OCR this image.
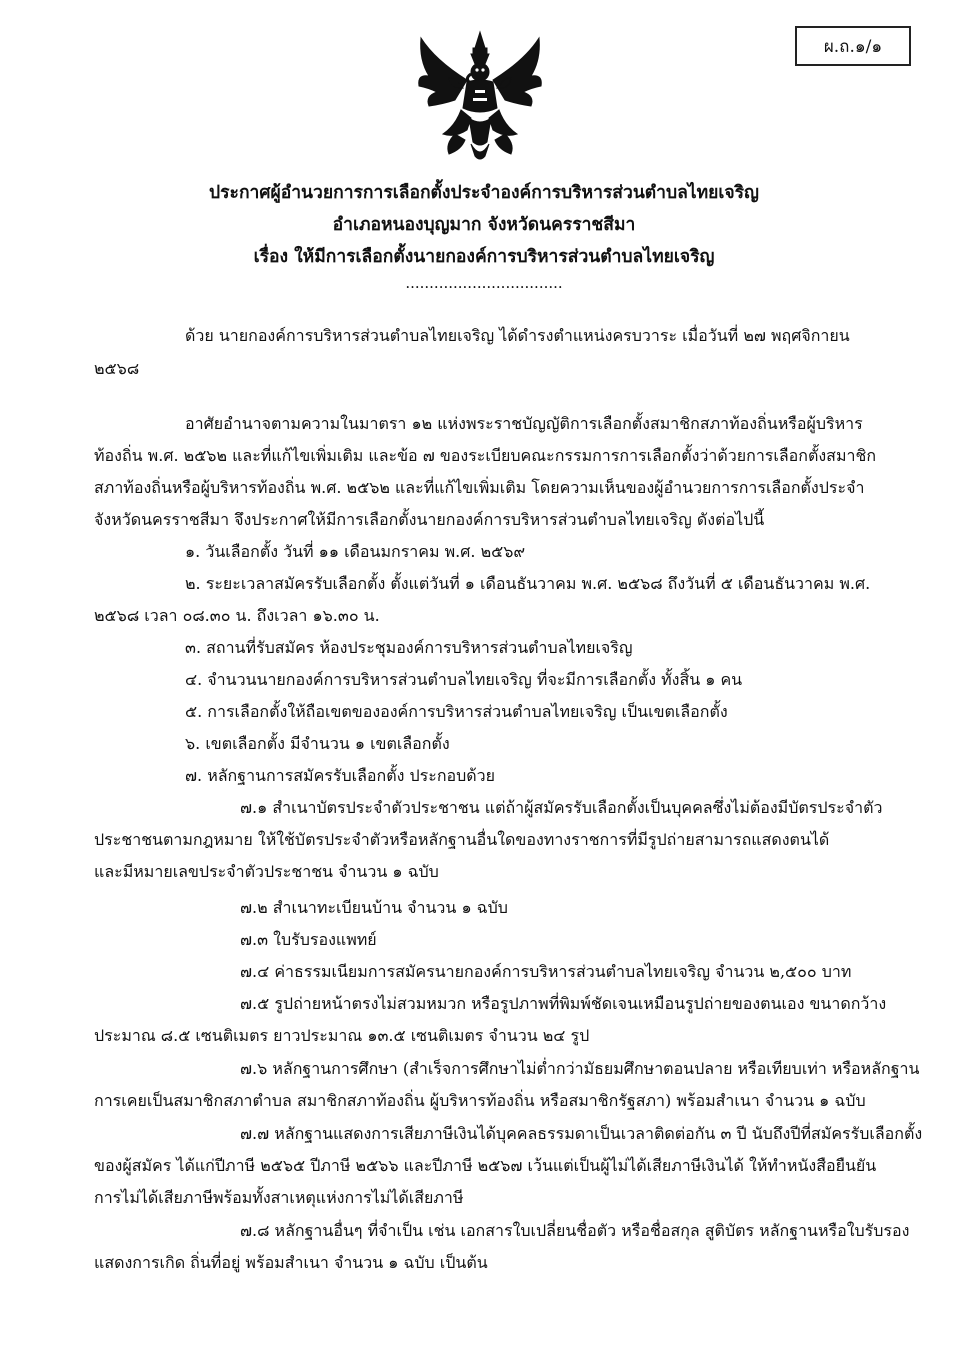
ผ.ถ.๑/๑
ประกาศผู้อำนวยการการเลือกตั้งประจำองค์การบริหารส่วนตำบลไทยเจริญ
อำเภอหนองบุญมาก จังหวัดนครราชสีมา
เรื่อง ให้มีการเลือกตั้งนายกองค์การบริหารส่วนตำบลไทยเจริญ
.................................
ด้วย นายกองค์การบริหารส่วนตำบลไทยเจริญ ได้ดำรงตำแหน่งครบวาระ เมื่อวันที่ ๒๗ พฤศจิกายน
๒๕๖๘
อาศัยอำนาจตามความในมาตรา ๑๒ แห่งพระราชบัญญัติการเลือกตั้งสมาชิกสภาท้องถิ่นหรือผู้บริหาร
ท้องถิ่น พ.ศ. ๒๕๖๒ และที่แก้ไขเพิ่มเติม และข้อ ๗ ของระเบียบคณะกรรมการการเลือกตั้งว่าด้วยการเลือกตั้งสมาชิก
สภาท้องถิ่นหรือผู้บริหารท้องถิ่น พ.ศ. ๒๕๖๒ และที่แก้ไขเพิ่มเติม โดยความเห็นของผู้อำนวยการการเลือกตั้งประจำ
จังหวัดนครราชสีมา จึงประกาศให้มีการเลือกตั้งนายกองค์การบริหารส่วนตำบลไทยเจริญ ดังต่อไปนี้
๑. วันเลือกตั้ง วันที่ ๑๑ เดือนมกราคม พ.ศ. ๒๕๖๙
๒. ระยะเวลาสมัครรับเลือกตั้ง ตั้งแต่วันที่ ๑ เดือนธันวาคม พ.ศ. ๒๕๖๘ ถึงวันที่ ๕ เดือนธันวาคม พ.ศ.
๒๕๖๘ เวลา ๐๘.๓๐ น. ถึงเวลา ๑๖.๓๐ น.
๓. สถานที่รับสมัคร ห้องประชุมองค์การบริหารส่วนตำบลไทยเจริญ
๔. จำนวนนายกองค์การบริหารส่วนตำบลไทยเจริญ ที่จะมีการเลือกตั้ง ทั้งสิ้น ๑ คน
๕. การเลือกตั้งให้ถือเขตขององค์การบริหารส่วนตำบลไทยเจริญ เป็นเขตเลือกตั้ง
๖. เขตเลือกตั้ง มีจำนวน ๑ เขตเลือกตั้ง
๗. หลักฐานการสมัครรับเลือกตั้ง ประกอบด้วย
๗.๑ สำเนาบัตรประจำตัวประชาชน แต่ถ้าผู้สมัครรับเลือกตั้งเป็นบุคคลซึ่งไม่ต้องมีบัตรประจำตัว
ประชาชนตามกฎหมาย ให้ใช้บัตรประจำตัวหรือหลักฐานอื่นใดของทางราชการที่มีรูปถ่ายสามารถแสดงตนได้
และมีหมายเลขประจำตัวประชาชน จำนวน ๑ ฉบับ
๗.๒ สำเนาทะเบียนบ้าน จำนวน ๑ ฉบับ
๗.๓ ใบรับรองแพทย์
๗.๔ ค่าธรรมเนียมการสมัครนายกองค์การบริหารส่วนตำบลไทยเจริญ จำนวน ๒,๕๐๐ บาท
๗.๕ รูปถ่ายหน้าตรงไม่สวมหมวก หรือรูปภาพที่พิมพ์ชัดเจนเหมือนรูปถ่ายของตนเอง ขนาดกว้าง
ประมาณ ๘.๕ เซนติเมตร ยาวประมาณ ๑๓.๕ เซนติเมตร จำนวน ๒๔ รูป
๗.๖ หลักฐานการศึกษา (สำเร็จการศึกษาไม่ต่ำกว่ามัธยมศึกษาตอนปลาย หรือเทียบเท่า หรือหลักฐาน
การเคยเป็นสมาชิกสภาตำบล สมาชิกสภาท้องถิ่น ผู้บริหารท้องถิ่น หรือสมาชิกรัฐสภา) พร้อมสำเนา จำนวน ๑ ฉบับ
๗.๗ หลักฐานแสดงการเสียภาษีเงินได้บุคคลธรรมดาเป็นเวลาติดต่อกัน ๓ ปี นับถึงปีที่สมัครรับเลือกตั้ง
ของผู้สมัคร ได้แก่ปีภาษี ๒๕๖๕ ปีภาษี ๒๕๖๖ และปีภาษี ๒๕๖๗ เว้นแต่เป็นผู้ไม่ได้เสียภาษีเงินได้ ให้ทำหนังสือยืนยัน
การไม่ได้เสียภาษีพร้อมทั้งสาเหตุแห่งการไม่ได้เสียภาษี
๗.๘ หลักฐานอื่นๆ ที่จำเป็น เช่น เอกสารใบเปลี่ยนชื่อตัว หรือชื่อสกุล สูติบัตร หลักฐานหรือใบรับรอง
แสดงการเกิด ถิ่นที่อยู่ พร้อมสำเนา จำนวน ๑ ฉบับ เป็นต้น
